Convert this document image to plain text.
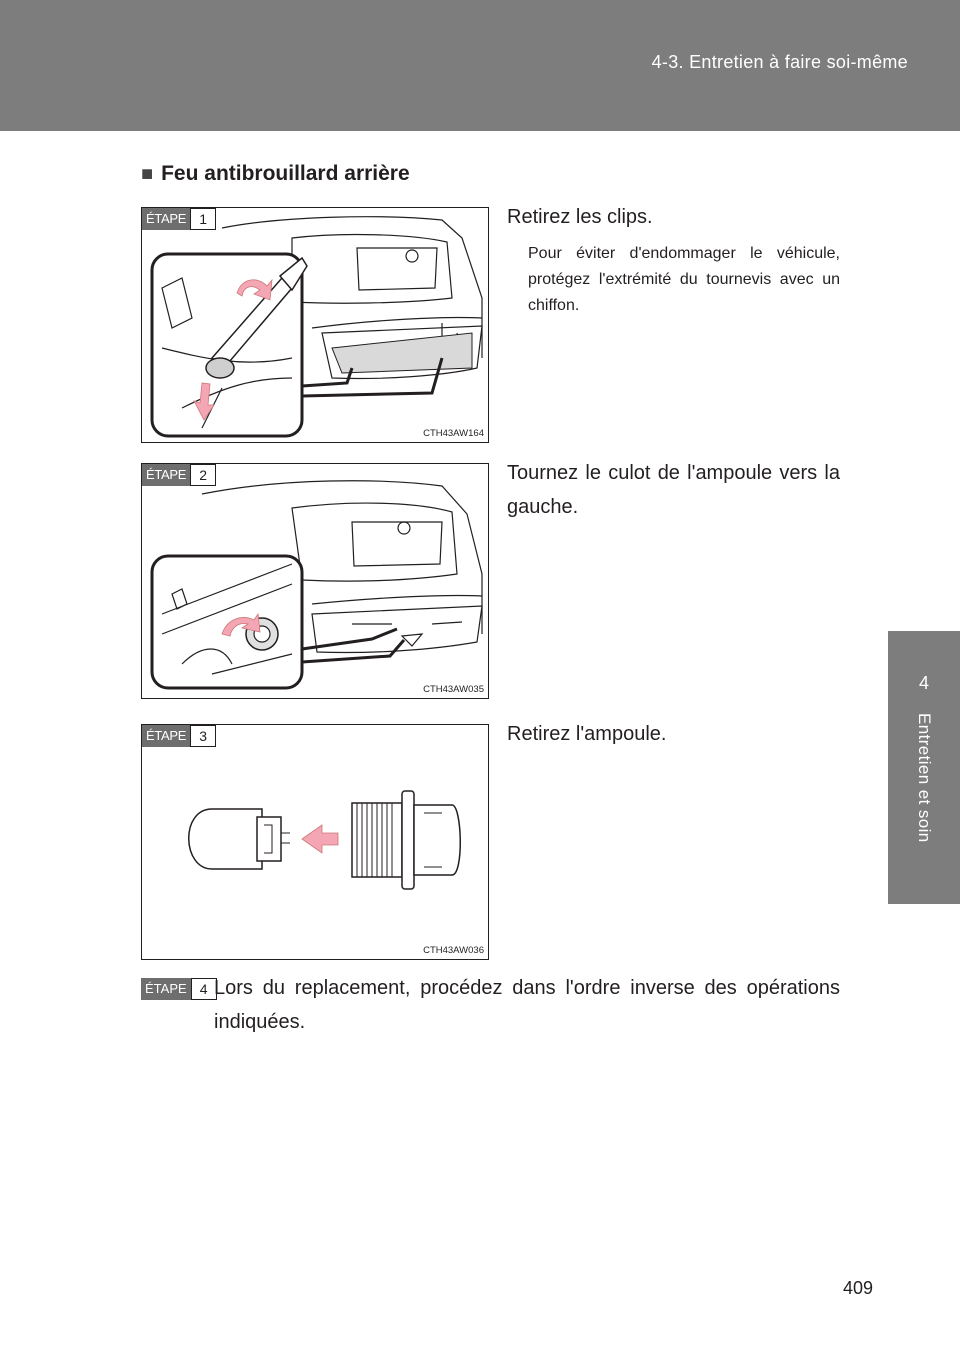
4-3. Entretien à faire soi-même
4
Entretien et soin
■ Feu antibrouillard arrière
ÉTAPE 1
CTH43AW164
Retirez les clips.
Pour éviter d'endommager le véhicule, protégez l'extrémité du tournevis avec un chiffon.
ÉTAPE 2
CTH43AW035
Tournez le culot de l'ampoule vers la gauche.
ÉTAPE 3
CTH43AW036
Retirez l'ampoule.
ÉTAPE 4 Lors du replacement, procédez dans l'ordre inverse des opérations indiquées.
409
